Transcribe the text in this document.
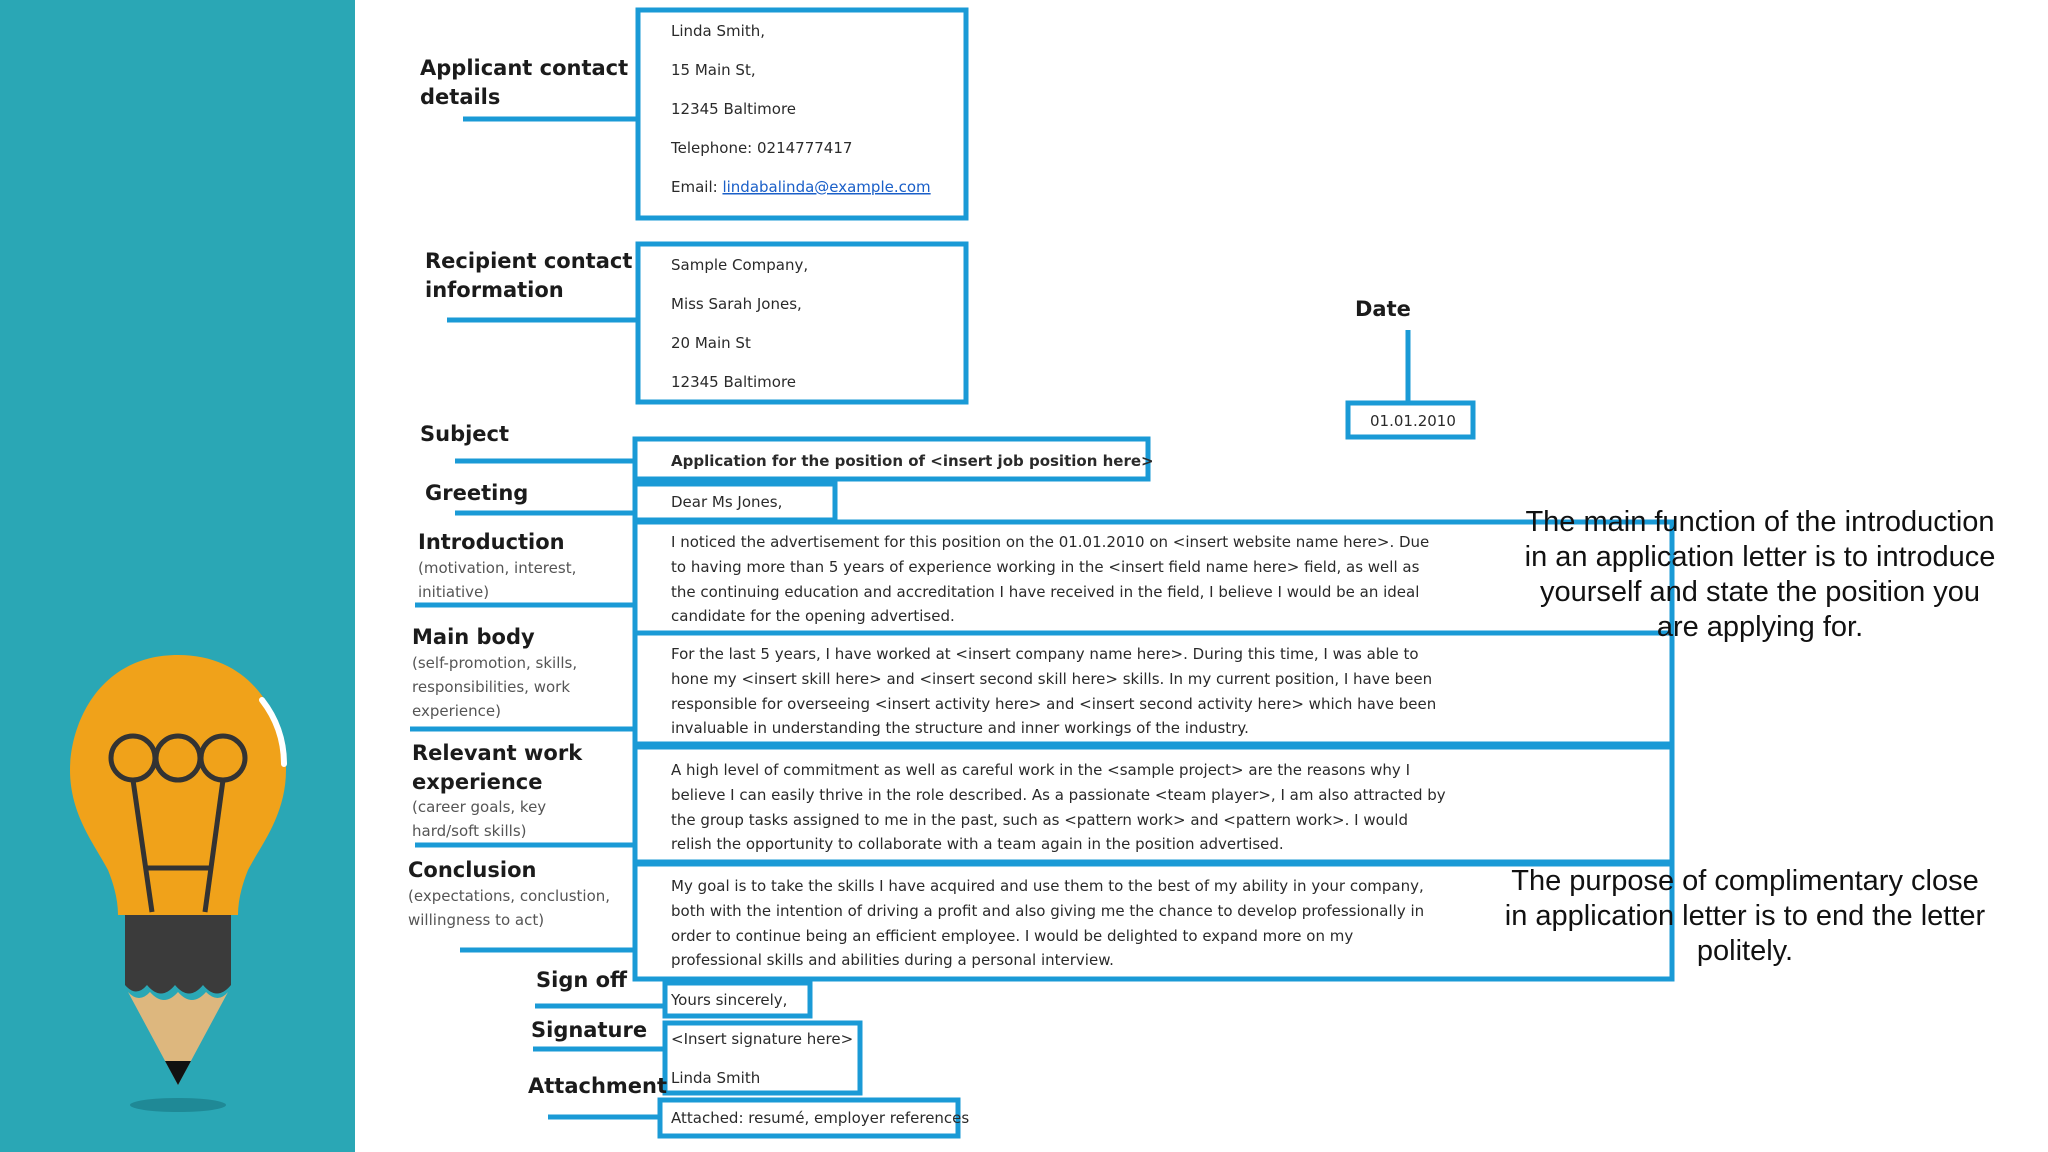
Applicant contact
details
Linda Smith,
15 Main St,
12345 Baltimore
Telephone: 0214777417
Email: lindabalinda@example.com
Recipient contact
information
Sample Company,
Miss Sarah Jones,
20 Main St
12345 Baltimore
Date
01.01.2010
Subject
Application for the position of <insert job position here>
Greeting	Dear Ms Jones,
Introduction
(motivation, interest,
initiative)
I noticed the advertisement for this position on the 01.01.2010 on <insert website name here>. Due
to having more than 5 years of experience working in the <insert field name here> field, as well as
the continuing education and accreditation I have received in the field, I believe I would be an ideal
candidate for the opening advertised.
Main body
(self-promotion, skills,
responsibilities, work
experience)
For the last 5 years, I have worked at <insert company name here>. During this time, I was able to
hone my <insert skill here> and <insert second skill here> skills. In my current position, I have been
responsible for overseeing <insert activity here> and <insert second activity here> which have been
invaluable in understanding the structure and inner workings of the industry.
Relevant work
experience
(career goals, key
hard/soft skills)
A high level of commitment as well as careful work in the <sample project> are the reasons why I
believe I can easily thrive in the role described. As a passionate <team player>, I am also attracted by
the group tasks assigned to me in the past, such as <pattern work> and <pattern work>. I would
relish the opportunity to collaborate with a team again in the position advertised.
Conclusion
(expectations, conclustion,
willingness to act)
My goal is to take the skills I have acquired and use them to the best of my ability in your company,
both with the intention of driving a profit and also giving me the chance to develop professionally in
order to continue being an efficient employee. I would be delighted to expand more on my
professional skills and abilities during a personal interview.
Sign off
Yours sincerely,
Signature <Insert signature here>
Linda Smith
Attachment
Attached: resumé, employer references

The main function of the introduction
in an application letter is to introduce
yourself and state the position you
are applying for.

The purpose of complimentary close
in application letter is to end the letter
politely.
